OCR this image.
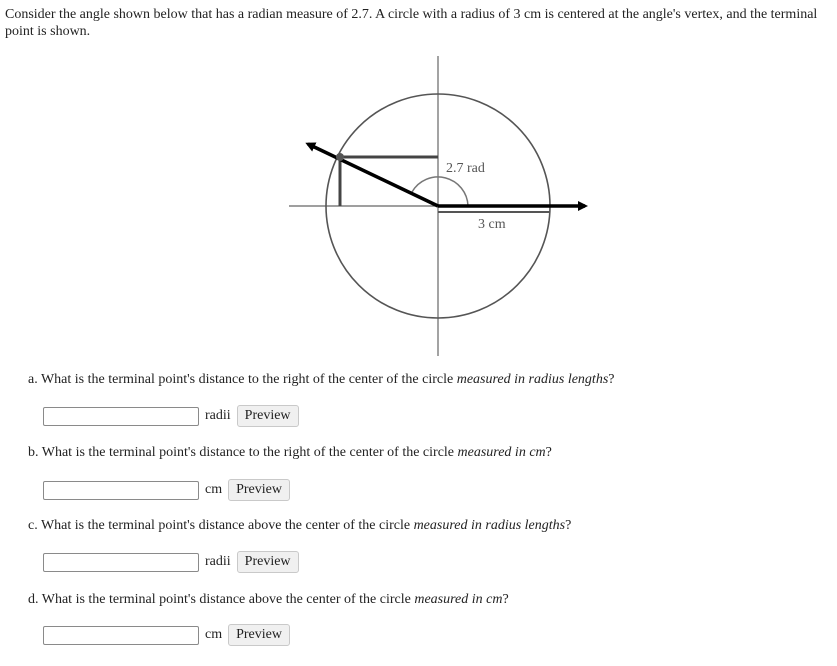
Consider the angle shown below that has a radian measure of 2.7. A circle with a radius of 3 cm is centered at the angle's vertex, and the terminal point is shown.
2.7 rad
3 cm
a. What is the terminal point's distance to the right of the center of the circle measured in radius lengths?
radii	Preview
b. What is the terminal point's distance to the right of the center of the circle measured in cm?
cm	Preview
c. What is the terminal point's distance above the center of the circle measured in radius lengths?
radii	Preview
d. What is the terminal point's distance above the center of the circle measured in cm?
cm	Preview
